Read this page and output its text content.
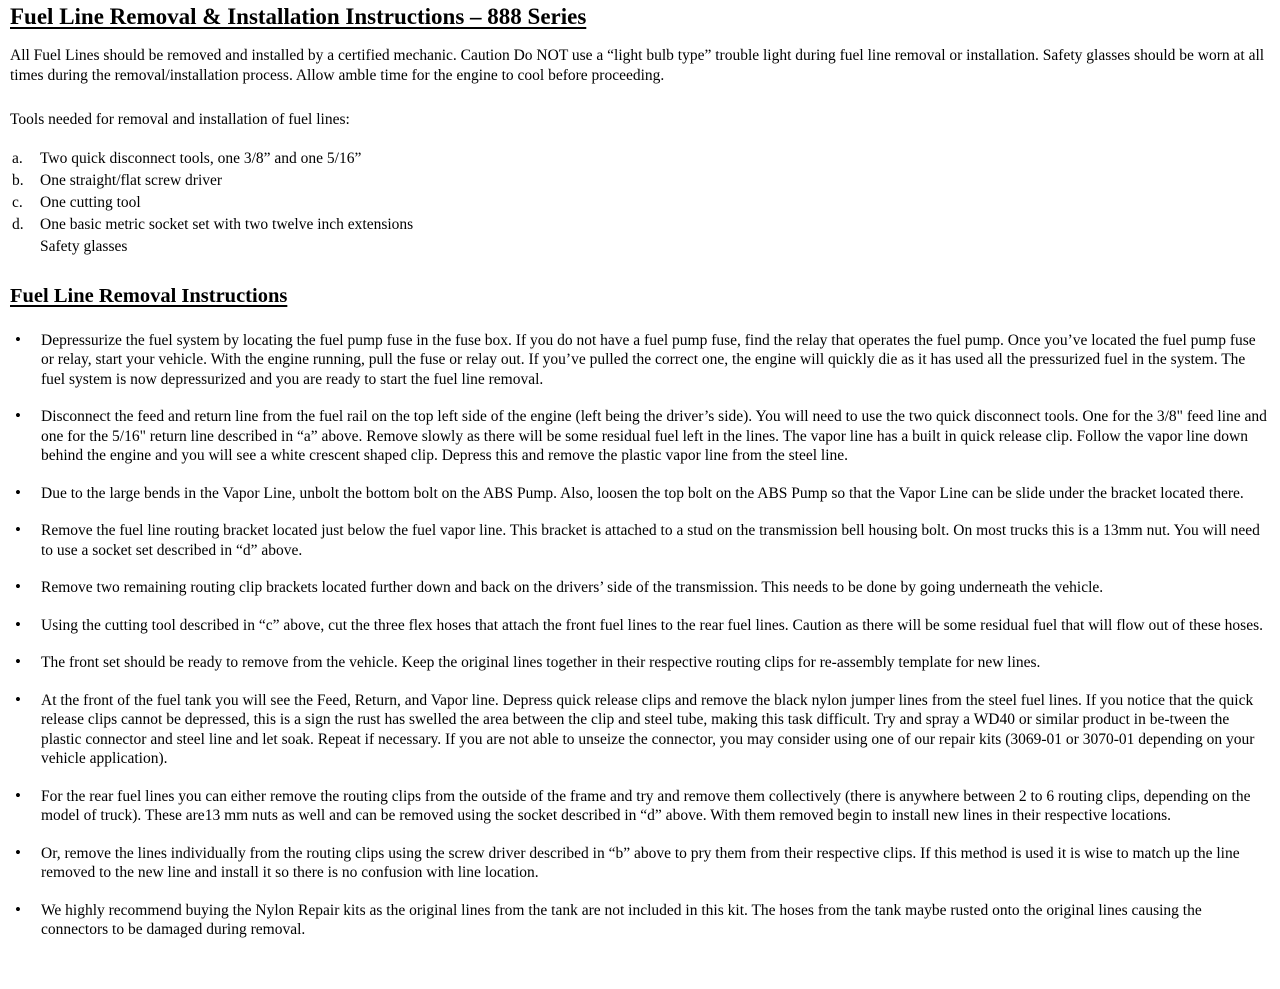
Fuel Line Removal & Installation Instructions – 888 Series

All Fuel Lines should be removed and installed by a certified mechanic. Caution Do NOT use a “light bulb type” trouble light during fuel line removal or installation. Safety glasses should be worn at all times during the removal/installation process. Allow amble time for the engine to cool before proceeding.

Tools needed for removal and installation of fuel lines:

a. Two quick disconnect tools, one 3/8” and one 5/16”
b. One straight/flat screw driver
c. One cutting tool
d. One basic metric socket set with two twelve inch extensions
Safety glasses
Fuel Line Removal Instructions
• Depressurize the fuel system by locating the fuel pump fuse in the fuse box. If you do not have a fuel pump fuse, find the relay that operates the fuel pump. Once you’ve located the fuel pump fuse or relay, start your vehicle. With the engine running, pull the fuse or relay out. If you’ve pulled the correct one, the engine will quickly die as it has used all the pressurized fuel in the system. The fuel system is now depressurized and you are ready to start the fuel line removal.
• Disconnect the feed and return line from the fuel rail on the top left side of the engine (left being the driver’s side). You will need to use the two quick disconnect tools. One for the 3/8" feed line and one for the 5/16" return line described in “a” above. Remove slowly as there will be some residual fuel left in the lines. The vapor line has a built in quick release clip. Follow the vapor line down behind the engine and you will see a white crescent shaped clip. Depress this and remove the plastic vapor line from the steel line.
• Due to the large bends in the Vapor Line, unbolt the bottom bolt on the ABS Pump. Also, loosen the top bolt on the ABS Pump so that the Vapor Line can be slide under the bracket located there.
• Remove the fuel line routing bracket located just below the fuel vapor line. This bracket is attached to a stud on the transmission bell housing bolt. On most trucks this is a 13mm nut. You will need to use a socket set described in “d” above.
• Remove two remaining routing clip brackets located further down and back on the drivers’ side of the transmission. This needs to be done by going underneath the vehicle.
• Using the cutting tool described in “c” above, cut the three flex hoses that attach the front fuel lines to the rear fuel lines. Caution as there will be some residual fuel that will flow out of these hoses.
• The front set should be ready to remove from the vehicle. Keep the original lines together in their respective routing clips for re-assembly template for new lines.
• At the front of the fuel tank you will see the Feed, Return, and Vapor line. Depress quick release clips and remove the black nylon jumper lines from the steel fuel lines. If you notice that the quick release clips cannot be depressed, this is a sign the rust has swelled the area between the clip and steel tube, making this task difficult. Try and spray a WD40 or similar product in be-tween the plastic connector and steel line and let soak. Repeat if necessary. If you are not able to unseize the connector, you may consider using one of our repair kits (3069-01 or 3070-01 depending on your vehicle application).
• For the rear fuel lines you can either remove the routing clips from the outside of the frame and try and remove them collectively (there is anywhere between 2 to 6 routing clips, depending on the model of truck). These are13 mm nuts as well and can be removed using the socket described in “d” above. With them removed begin to install new lines in their respective locations.
• Or, remove the lines individually from the routing clips using the screw driver described in “b” above to pry them from their respective clips. If this method is used it is wise to match up the line removed to the new line and install it so there is no confusion with line location.
• We highly recommend buying the Nylon Repair kits as the original lines from the tank are not included in this kit. The hoses from the tank maybe rusted onto the original lines causing the connectors to be damaged during removal.
